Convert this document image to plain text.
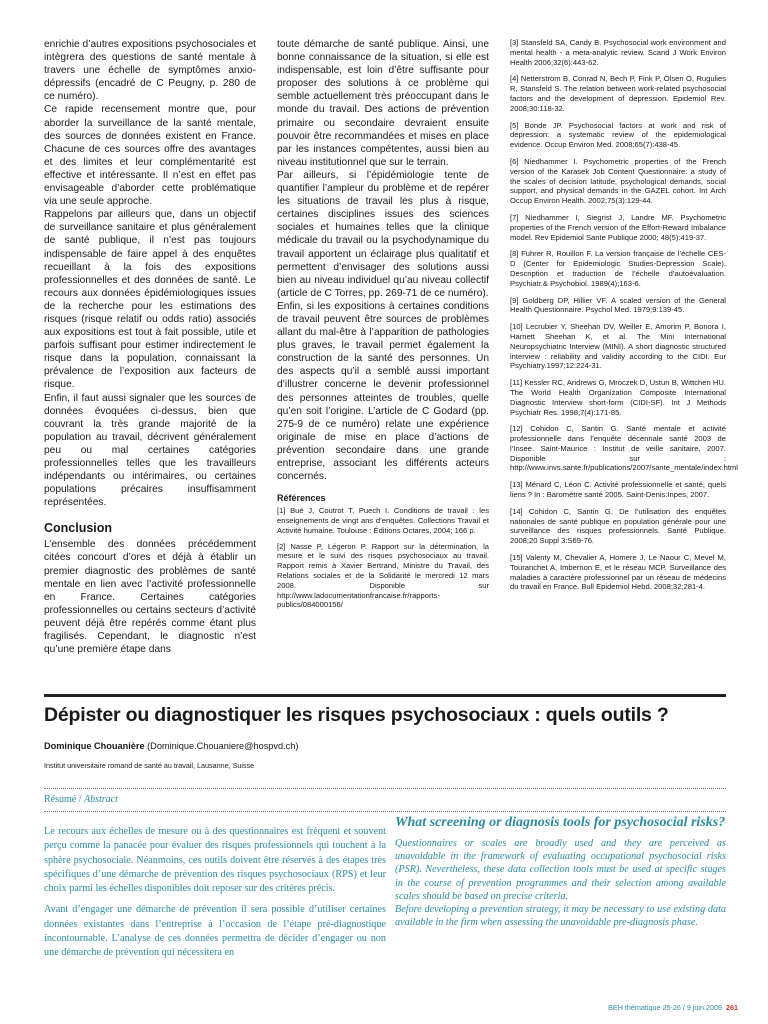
enrichie d’autres expositions psychosociales et intègrera des questions de santé mentale à travers une échelle de symptômes anxio-dépressifs (encadré de C Peugny, p. 280 de ce numéro).

Ce rapide recensement montre que, pour aborder la surveillance de la santé mentale, des sources de données existent en France. Chacune de ces sources offre des avantages et des limites et leur complémentarité est effective et intéressante. Il n’est en effet pas envisageable d’aborder cette problématique via une seule approche.

Rappelons par ailleurs que, dans un objectif de surveillance sanitaire et plus généralement de santé publique, il n’est pas toujours indispensable de faire appel à des enquêtes recueillant à la fois des expositions professionnelles et des données de santé. Le recours aux données épidémiologiques issues de la recherche pour les estimations des risques (risque relatif ou odds ratio) associés aux expositions est tout à fait possible, utile et parfois suffisant pour estimer indirectement le risque dans la population, connaissant la prévalence de l’exposition aux facteurs de risque.

Enfin, il faut aussi signaler que les sources de données évoquées ci-dessus, bien que couvrant la très grande majorité de la population au travail, décrivent généralement peu ou mal certaines catégories professionnelles telles que les travailleurs indépendants ou intérimaires, ou certaines populations précaires insuffisamment représentées.

Conclusion

L’ensemble des données précédemment citées concourt d’ores et déjà à établir un premier diagnostic des problèmes de santé mentale en lien avec l’activité professionnelle en France. Certaines catégories professionnelles ou certains secteurs d’activité peuvent déjà être repérés comme étant plus fragilisés. Cependant, le diagnostic n’est qu’une première étape dans

toute démarche de santé publique. Ainsi, une bonne connaissance de la situation, si elle est indispensable, est loin d’être suffisante pour proposer des solutions à ce problème qui semble actuellement très préoccupant dans le monde du travail. Des actions de prévention primaire ou secondaire devraient ensuite pouvoir être recommandées et mises en place par les instances compétentes, aussi bien au niveau institutionnel que sur le terrain.

Par ailleurs, si l’épidémiologie tente de quantifier l’ampleur du problème et de repérer les situations de travail les plus à risque, certaines disciplines issues des sciences sociales et humaines telles que la clinique médicale du travail ou la psychodynamique du travail apportent un éclairage plus qualitatif et permettent d’envisager des solutions aussi bien au niveau individuel qu’au niveau collectif (article de C Torres, pp. 269-71 de ce numéro).

Enfin, si les expositions à certaines conditions de travail peuvent être sources de problèmes allant du mal-être à l’apparition de pathologies plus graves, le travail permet également la construction de la santé des personnes. Un des aspects qu’il a semblé aussi important d’illustrer concerne le devenir professionnel des personnes atteintes de troubles, quelle qu’en soit l’origine. L’article de C Godard (pp. 275-9 de ce numéro) relate une expérience originale de mise en place d’actions de prévention secondaire dans une grande entreprise, associant les différents acteurs concernés.

Références

[1] Bué J, Coutrot T, Puech I. Conditions de travail : les enseignements de vingt ans d’enquêtes. Collections Travail et Activité humaine. Toulouse : Éditions Octares, 2004; 166 p.

[2] Nasse P, Légeron P. Rapport sur la détermination, la mesure et le suivi des risques psychosociaux au travail. Rapport remis à Xavier Bertrand, Ministre du Travail, des Relations sociales et de la Solidarité le mercredi 12 mars 2008. Disponible sur http://www.ladocumentationfrancaise.fr/rapports-publics/084000156/

[3] Stansfeld SA, Candy B. Psychosocial work environment and mental health - a meta-analytic review. Scand J Work Environ Health 2006;32(6):443-62.

[4] Netterstrom B, Conrad N, Bech P, Fink P, Olsen O, Rugulies R, Stansfeld S. The relation between work-related psychosocial factors and the development of depression. Epidemiol Rev. 2008;30:118-32.

[5] Bonde JP. Psychosocial factors at work and risk of depression: a systematic review of the epidemiological evidence. Occup Environ Med. 2008;65(7):438-45.

[6] Niedhammer I. Psychometric properties of the French version of the Karasek Job Content Questionnaire: a study of the scales of decision latitude, psychological demands, social support, and physical demands in the GAZEL cohort. Int Arch Occup Environ Health. 2002;75(3):129-44.

[7] Niedhammer I, Siegrist J, Landre MF. Psychometric properties of the French version of the Effort-Reward Imbalance model. Rev Epidemiol Sante Publique 2000; 48(5):419-37.

[8] Fuhrer R, Rouillon F. La version française de l’échelle CES-D (Center for Epidemiologic Studies-Depression Scale). Description et traduction de l’échelle d’autoévaluation. Psychiatr.& Psychobiol. 1989(4);163-6.

[9] Goldberg DP, Hillier VF. A scaled version of the General Health Questionnaire. Psychol Med. 1979;9:139-45.

[10] Lecrubier Y, Sheehan DV, Weiller E, Amorim P, Bonora I, Harnett Sheehan K, et al. The Mini International Neuropsychiatric Interview (MINI). A short diagnostic structured interview : reliability and validity according to the CIDI. Eur Psychiatry.1997;12:224-31.

[11] Kessler RC, Andrews G, Mroczek D, Ustun B, Wittchen HU. The World Health Organization Composite International Diagnostic Interview short-form (CIDI-SF). Int J Methods Psychiatr Res. 1998;7(4):171-85.

[12] Cohidon C, Santin G. Santé mentale et activité professionnelle dans l’enquête décennale santé 2003 de l’Insee. Saint-Maurice : Institut de veille sanitaire, 2007. Disponible sur : http://www.invs.sante.fr/publications/2007/sante_mentale/index.html

[13] Ménard C, Léon C. Activité professionnelle et santé, quels liens ? In : Baromètre santé 2005. Saint-Denis:Inpes, 2007.

[14] Cohidon C, Santin G. De l’utilisation des enquêtes nationales de santé publique en population générale pour une surveillance des risques professionnels. Santé Publique. 2008;20 Suppl 3:S69-76.

[15] Valenty M, Chevalier A, Homere J, Le Naour C, Mevel M, Touranchet A, Imbernon E, et le réseau MCP. Surveillance des maladies à caractère professionnel par un réseau de médecins du travail en France. Bull Epidemiol Hebd. 2008;32;281-4.

Dépister ou diagnostiquer les risques psychosociaux : quels outils ?
Dominique Chouanière (Dominique.Chouaniere@hospvd.ch)
Institut universitaire romand de santé au travail, Lausanne, Suisse
Résumé / Abstract

Le recours aux échelles de mesure ou à des questionnaires est fréquent et souvent perçu comme la panacée pour évaluer des risques professionnels qui touchent à la sphère psychosociale. Néanmoins, ces outils doivent être réservés à des étapes très spécifiques d’une démarche de prévention des risques psychosociaux (RPS) et leur choix parmi les échelles disponibles doit reposer sur des critères précis.

Avant d’engager une démarche de prévention il sera possible d’utiliser certaines données existantes dans l’entreprise à l’occasion de l’étape pré-diagnostique incontournable. L’analyse de ces données permettra de décider d’engager ou non une démarche de prévention qui nécessitera en

What screening or diagnosis tools for psychosocial risks?

Questionnaires or scales are broadly used and they are perceived as unavoidable in the framework of evaluating occupational psychosocial risks (PSR). Nevertheless, these data collection tools must be used at specific stages in the course of prevention programmes and their selection among available scales should be based on precise criteria.

Before developing a prevention strategy, it may be necessary to use existing data available in the firm when assessing the unavoidable pre-diagnosis phase.

BEH thématique 25-26 / 9 juin 2009 261
